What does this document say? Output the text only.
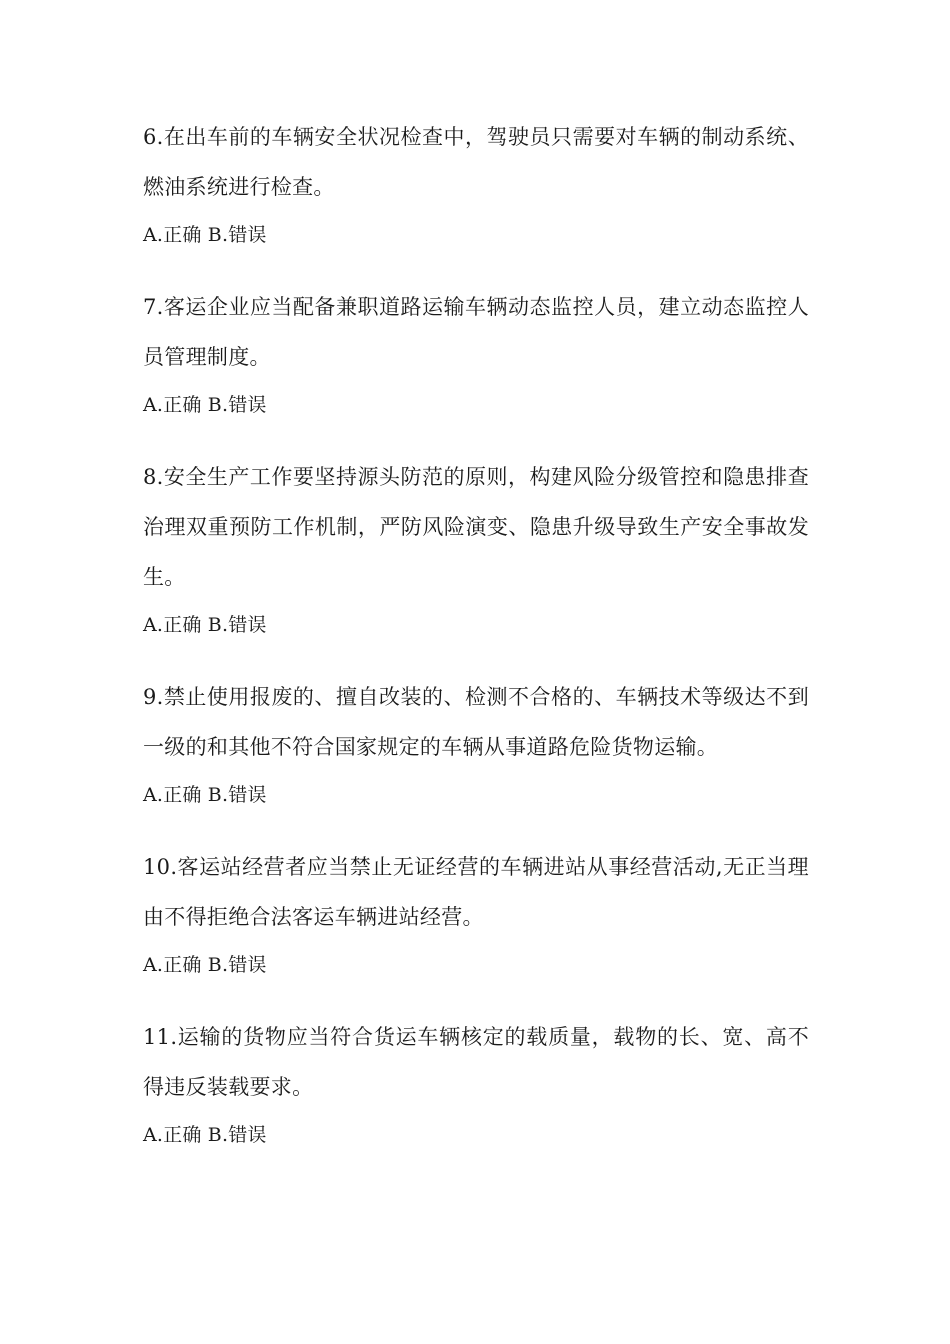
6.在出车前的车辆安全状况检查中，驾驶员只需要对车辆的制动系统、燃油系统进行检查。

A.正确 B.错误

7.客运企业应当配备兼职道路运输车辆动态监控人员，建立动态监控人员管理制度。

A.正确 B.错误

8.安全生产工作要坚持源头防范的原则，构建风险分级管控和隐患排查治理双重预防工作机制，严防风险演变、隐患升级导致生产安全事故发生。

A.正确 B.错误

9.禁止使用报废的、擅自改装的、检测不合格的、车辆技术等级达不到一级的和其他不符合国家规定的车辆从事道路危险货物运输。

A.正确 B.错误

10.客运站经营者应当禁止无证经营的车辆进站从事经营活动,无正当理由不得拒绝合法客运车辆进站经营。

A.正确 B.错误

11.运输的货物应当符合货运车辆核定的载质量，载物的长、宽、高不得违反装载要求。

A.正确 B.错误
